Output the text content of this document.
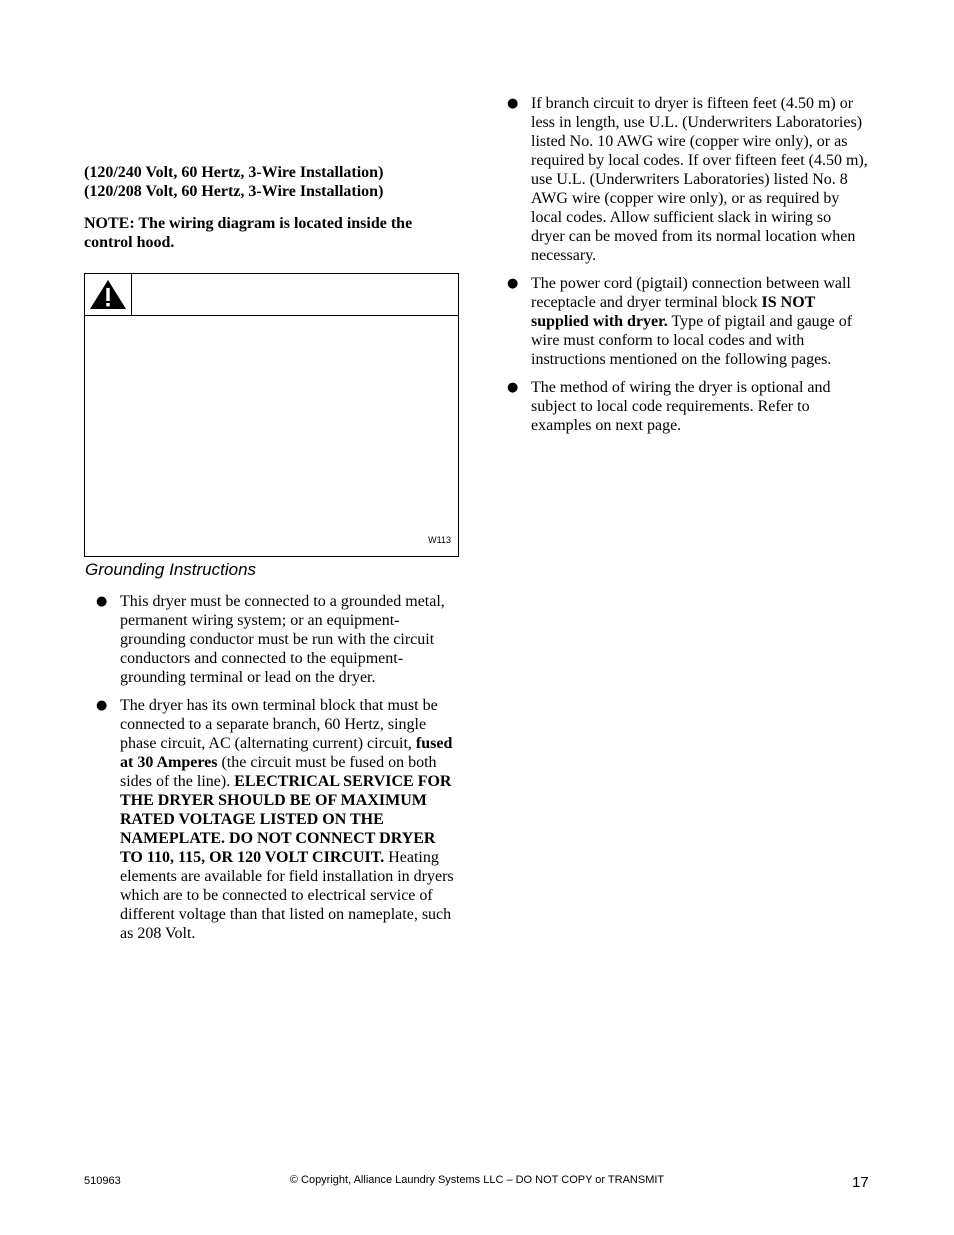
(120/240 Volt, 60 Hertz, 3-Wire Installation)
(120/208 Volt, 60 Hertz, 3-Wire Installation)
NOTE: The wiring diagram is located inside the control hood.
W113
Grounding Instructions
● This dryer must be connected to a grounded metal, permanent wiring system; or an equipment-grounding conductor must be run with the circuit conductors and connected to the equipment-grounding terminal or lead on the dryer.
● The dryer has its own terminal block that must be connected to a separate branch, 60 Hertz, single phase circuit, AC (alternating current) circuit, fused at 30 Amperes (the circuit must be fused on both sides of the line). ELECTRICAL SERVICE FOR THE DRYER SHOULD BE OF MAXIMUM RATED VOLTAGE LISTED ON THE NAMEPLATE. DO NOT CONNECT DRYER TO 110, 115, OR 120 VOLT CIRCUIT. Heating elements are available for field installation in dryers which are to be connected to electrical service of different voltage than that listed on nameplate, such as 208 Volt.
● If branch circuit to dryer is fifteen feet (4.50 m) or less in length, use U.L. (Underwriters Laboratories) listed No. 10 AWG wire (copper wire only), or as required by local codes. If over fifteen feet (4.50 m), use U.L. (Underwriters Laboratories) listed No. 8 AWG wire (copper wire only), or as required by local codes. Allow sufficient slack in wiring so dryer can be moved from its normal location when necessary.
● The power cord (pigtail) connection between wall receptacle and dryer terminal block IS NOT supplied with dryer. Type of pigtail and gauge of wire must conform to local codes and with instructions mentioned on the following pages.
● The method of wiring the dryer is optional and subject to local code requirements. Refer to examples on next page.
510963	© Copyright, Alliance Laundry Systems LLC – DO NOT COPY or TRANSMIT	17
